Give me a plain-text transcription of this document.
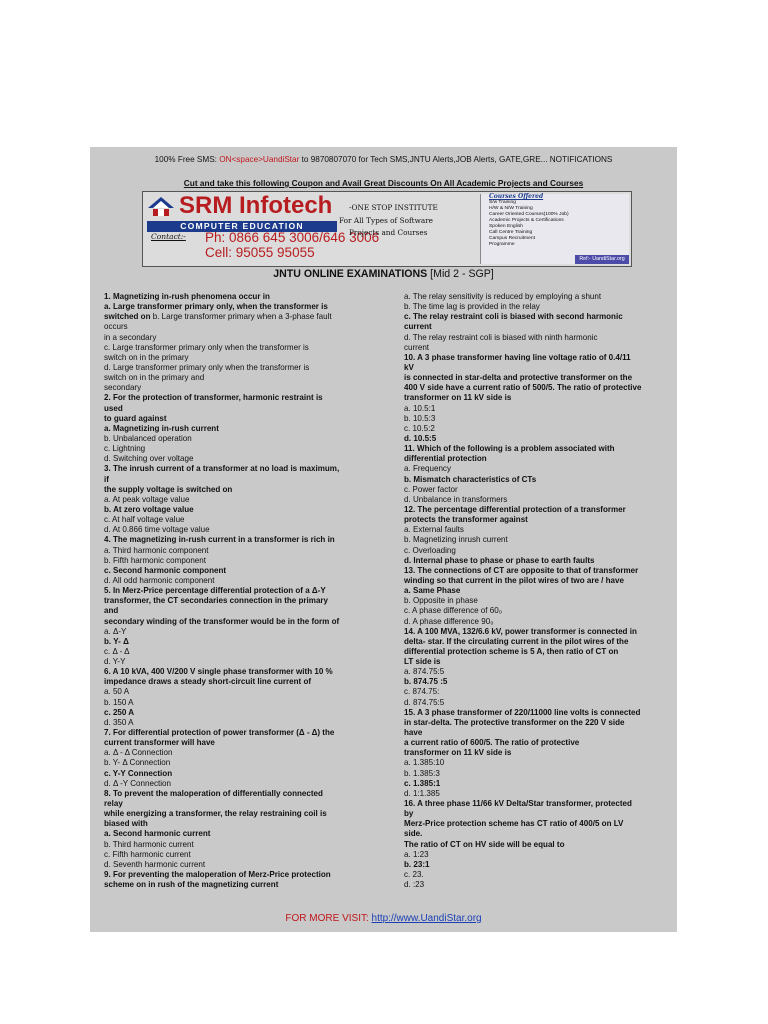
100% Free SMS: ON<space>UandiStar to 9870807070 for Tech SMS,JNTU Alerts,JOB Alerts, GATE,GRE... NOTIFICATIONS
Cut and take this following Coupon and Avail Great Discounts On All Academic Projects and Courses
SRM Infotech
COMPUTER EDUCATION
Contact:- Ph: 0866 645 3006/646 3006
Cell: 95055 95055
-ONE STOP INSTITUTE
For All Types of Software
Projects and Courses
Courses Offered
S/w Training
H/W & N/W Training
Career Oriented Courses(100% Job)
Academic Projects & Certifications
Spoken English
Call Centre Training
Campus Recruitment
Programme
Ref:- UandiStar.org
JNTU ONLINE EXAMINATIONS [Mid 2 - SGP]
1. Magnetizing in-rush phenomena occur in
a. Large transformer primary only, when the transformer is
switched on b. Large transformer primary when a 3-phase fault
occurs
in a secondary
c. Large transformer primary only when the transformer is
switch on in the primary
d. Large transformer primary only when the transformer is
switch on in the primary and
secondary
2. For the protection of transformer, harmonic restraint is
used
to guard against
a. Magnetizing in-rush current
b. Unbalanced operation
c. Lightning
d. Switching over voltage
3. The inrush current of a transformer at no load is maximum,
if
the supply voltage is switched on
a. At peak voltage value
b. At zero voltage value
c. At half voltage value
d. At 0.866 time voltage value
4. The magnetizing in-rush current in a transformer is rich in
a. Third harmonic component
b. Fifth harmonic component
c. Second harmonic component
d. All odd harmonic component
5. In Merz-Price percentage differential protection of a Δ-Y
transformer, the CT secondaries connection in the primary
and
secondary winding of the transformer would be in the form of
a. Δ-Y
b. Y- Δ
c. Δ - Δ
d. Y-Y
6. A 10 kVA, 400 V/200 V single phase transformer with 10 %
impedance draws a steady short-circuit line current of
a. 50 A
b. 150 A
c. 250 A
d. 350 A
7. For differential protection of power transformer (Δ - Δ) the
current transformer will have
a. Δ - Δ Connection
b. Y- Δ Connection
c. Y-Y Connection
d. Δ -Y Connection
8. To prevent the maloperation of differentially connected
relay
while energizing a transformer, the relay restraining coil is
biased with
a. Second harmonic current
b. Third harmonic current
c. Fifth harmonic current
d. Seventh harmonic current
9. For preventing the maloperation of Merz-Price protection
scheme on in rush of the magnetizing current
a. The relay sensitivity is reduced by employing a shunt
b. The time lag is provided in the relay
c. The relay restraint coli is biased with second harmonic
current
d. The relay restraint coli is biased with ninth harmonic
current
10. A 3 phase transformer having line voltage ratio of 0.4/11
kV
is connected in star-delta and protective transformer on the
400 V side have a current ratio of 500/5. The ratio of protective
transformer on 11 kV side is
a. 10.5:1
b. 10.5:3
c. 10.5:2
d. 10.5:5
11. Which of the following is a problem associated with
differential protection
a. Frequency
b. Mismatch characteristics of CTs
c. Power factor
d. Unbalance in transformers
12. The percentage differential protection of a transformer
protects the transformer against
a. External faults
b. Magnetizing inrush current
c. Overloading
d. Internal phase to phase or phase to earth faults
13. The connections of CT are opposite to that of transformer
winding so that current in the pilot wires of two are / have
a. Same Phase
b. Opposite in phase
c. A phase difference of 60₀
d. A phase difference 90₀
14. A 100 MVA, 132/6.6 kV, power transformer is connected in
delta- star. If the circulating current in the pilot wires of the
differential protection scheme is 5 A, then ratio of CT on
LT side is
a. 874.75:5
b. 874.75 :5
c. 874.75:
d. 874.75:5
15. A 3 phase transformer of 220/11000 line volts is connected
in star-delta. The protective transformer on the 220 V side
have
a current ratio of 600/5. The ratio of protective
transformer on 11 kV side is
a. 1.385:10
b. 1.385:3
c. 1.385:1
d. 1:1.385
16. A three phase 11/66 kV Delta/Star transformer, protected
by
Merz-Price protection scheme has CT ratio of 400/5 on LV
side.
The ratio of CT on HV side will be equal to
a. 1:23
b. 23:1
c. 23.
d. :23
FOR MORE VISIT: http://www.UandiStar.org
